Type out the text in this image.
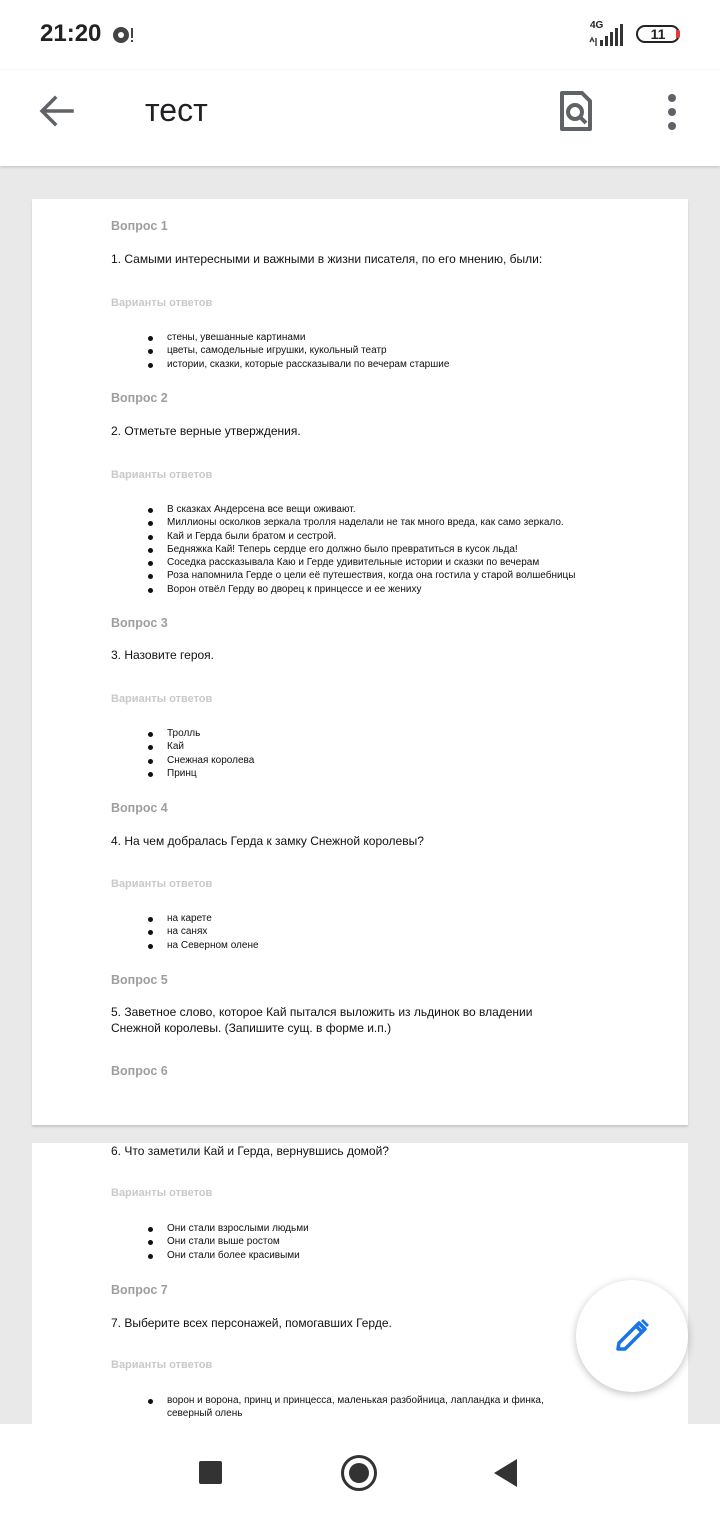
21:20	4G
11
тест
Вопрос 1
1. Самыми интересными и важными в жизни писателя, по его мнению, были:
Варианты ответов
стены, увешанные картинами
цветы, самодельные игрушки, кукольный театр
истории, сказки, которые рассказывали по вечерам старшие
Вопрос 2
2. Отметьте верные утверждения.
Варианты ответов
В сказках Андерсена все вещи оживают.
Миллионы осколков зеркала тролля наделали не так много вреда, как само зеркало.
Кай и Герда были братом и сестрой.
Бедняжка Кай! Теперь сердце его должно было превратиться в кусок льда!
Соседка рассказывала Каю и Герде удивительные истории и сказки по вечерам
Роза напомнила Герде о цели её путешествия, когда она гостила у старой волшебницы
Ворон отвёл Герду во дворец к принцессе и ее жениху
Вопрос 3
3. Назовите героя.
Варианты ответов
Тролль
Кай
Снежная королева
Принц
Вопрос 4
4. На чем добралась Герда к замку Снежной королевы?
Варианты ответов
на карете
на санях
на Северном олене
Вопрос 5
5. Заветное слово, которое Кай пытался выложить из льдинок во владении Снежной королевы. (Запишите сущ. в форме и.п.)
Вопрос 6
6. Что заметили Кай и Герда, вернувшись домой?
Варианты ответов
Они стали взрослыми людьми
Они стали выше ростом
Они стали более красивыми
Вопрос 7
7. Выберите всех персонажей, помогавших Герде.
Варианты ответов
ворон и ворона, принц и принцесса, маленькая разбойница, лапландка и финка, северный олень
